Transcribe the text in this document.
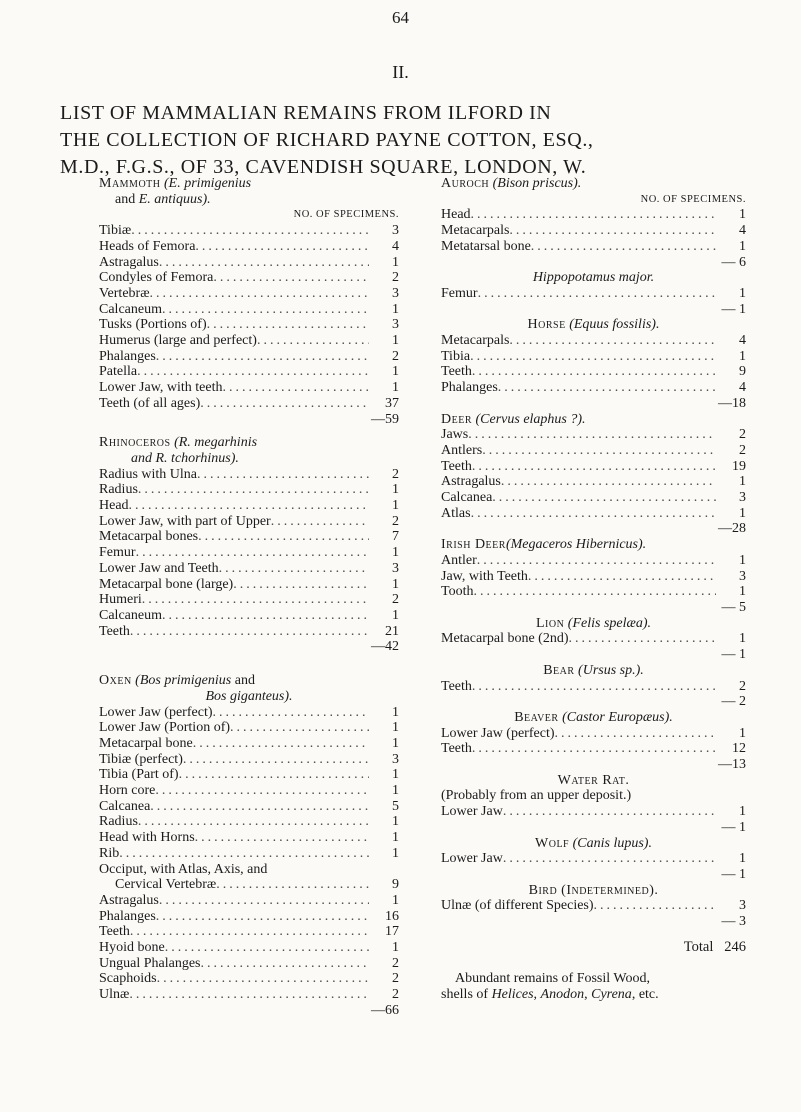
64
II.
LIST OF MAMMALIAN REMAINS FROM ILFORD IN
THE COLLECTION OF RICHARD PAYNE COTTON, ESQ.,
M.D., F.G.S., OF 33, CAVENDISH SQUARE, LONDON, W.
Mammoth (E. primigenius
and E. antiquus).
NO. OF SPECIMENS.
Tibiæ .....	3
Heads of Femora .....	4
Astragalus .....	1
Condyles of Femora .....	2
Vertebræ .....	3
Calcaneum .....	1
Tusks (Portions of) .....	3
Humerus (large and perfect) .....	1
Phalanges .....	2
Patella .....	1
Lower Jaw, with teeth .....	1
Teeth (of all ages) .....	37
—59
Rhinoceros (R. megarhinis
and R. tchorhinus).
Radius with Ulna .....	2
Radius .....	1
Head .....	1
Lower Jaw, with part of Upper .....	2
Metacarpal bones .....	7
Femur .....	1
Lower Jaw and Teeth .....	3
Metacarpal bone (large) .....	1
Humeri .....	2
Calcaneum .....	1
Teeth .....	21
—42
Oxen (Bos primigenius and
Bos giganteus).
Lower Jaw (perfect) .....	1
Lower Jaw (Portion of) .....	1
Metacarpal bone .....	1
Tibiæ (perfect) .....	3
Tibia (Part of) .....	1
Horn core .....	1
Calcanea .....	5
Radius .....	1
Head with Horns .....	1
Rib .....	1
Occiput, with Atlas, Axis, and
Cervical Vertebræ .....	9
Astragalus .....	1
Phalanges .....	16
Teeth .....	17
Hyoid bone .....	1
Ungual Phalanges .....	2
Scaphoids .....	2
Ulnæ .....	2
—66
Auroch (Bison priscus).
NO. OF SPECIMENS.
Head .....	1
Metacarpals .....	4
Metatarsal bone .....	1
— 6
Hippopotamus major.
Femur .....	1
— 1
Horse (Equus fossilis).
Metacarpals .....	4
Tibia .....	1
Teeth .....	9
Phalanges .....	4
—18
Deer (Cervus elaphus ?).
Jaws .....	2
Antlers .....	2
Teeth .....	19
Astragalus .....	1
Calcanea .....	3
Atlas .....	1
—28
Irish Deer(Megaceros Hibernicus).
Antler .....	1
Jaw, with Teeth .....	3
Tooth .....	1
— 5
Lion (Felis spelæa).
Metacarpal bone (2nd) .....	1
— 1
Bear (Ursus sp.).
Teeth .....	2
— 2
Beaver (Castor Europæus).
Lower Jaw (perfect) .....	1
Teeth .....	12
—13
Water Rat.
(Probably from an upper deposit.)
Lower Jaw .....	1
— 1
Wolf (Canis lupus).
Lower Jaw .....	1
— 1
Bird (Indetermined).
Ulnæ (of different Species) .....	3
— 3
Total 246
Abundant remains of Fossil Wood,
shells of Helices, Anodon, Cyrena, etc.
